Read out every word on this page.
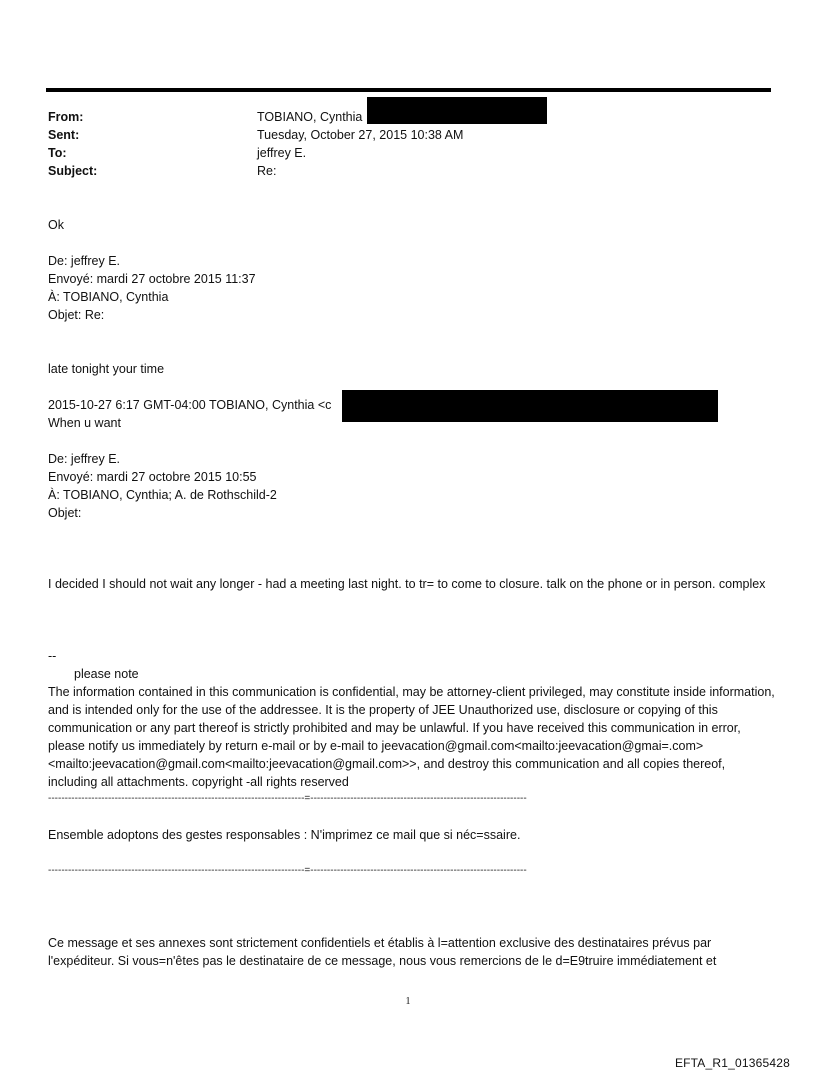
From:	TOBIANO, Cynthia
Sent:	Tuesday, October 27, 2015 10:38 AM
To:	jeffrey E.
Subject:	Re:
Ok
De: jeffrey E.
Envoyé: mardi 27 octobre 2015 11:37
À: TOBIANO, Cynthia
Objet: Re:
late tonight your time
2015-10-27 6:17 GMT-04:00 TOBIANO, Cynthia <c
When u want
De: jeffrey E.
Envoyé: mardi 27 octobre 2015 10:55
À: TOBIANO, Cynthia; A. de Rothschild-2
Objet:
I decided I should not wait any longer - had a meeting last night. to tr= to come to closure. talk on the phone or in person. complex
--
please note
The information contained in this communication is confidential, may be attorney-client privileged, may constitute inside information, and is intended only for the use of the addressee. It is the property of JEE Unauthorized use, disclosure or copying of this communication or any part thereof is strictly prohibited and may be unlawful. If you have received this communication in error, please notify us immediately by return e-mail or by e-mail to jeevacation@gmail.com<mailto:jeevacation@gmai=.com><mailto:jeevacation@gmail.com<mailto:jeevacation@gmail.com>>, and destroy this communication and all copies thereof, including all attachments. copyright -all rights reserved
-----------------------------------------------------------------------------=-----------------------------------------------------------------
Ensemble adoptons des gestes responsables : N'imprimez ce mail que si néc=ssaire.
-----------------------------------------------------------------------------=-----------------------------------------------------------------
Ce message et ses annexes sont strictement confidentiels et établis à l=attention exclusive des destinataires prévus par l'expéditeur. Si vous=n'êtes pas le destinataire de ce message, nous vous remercions de le d=E9truire immédiatement et
1
EFTA_R1_01365428
